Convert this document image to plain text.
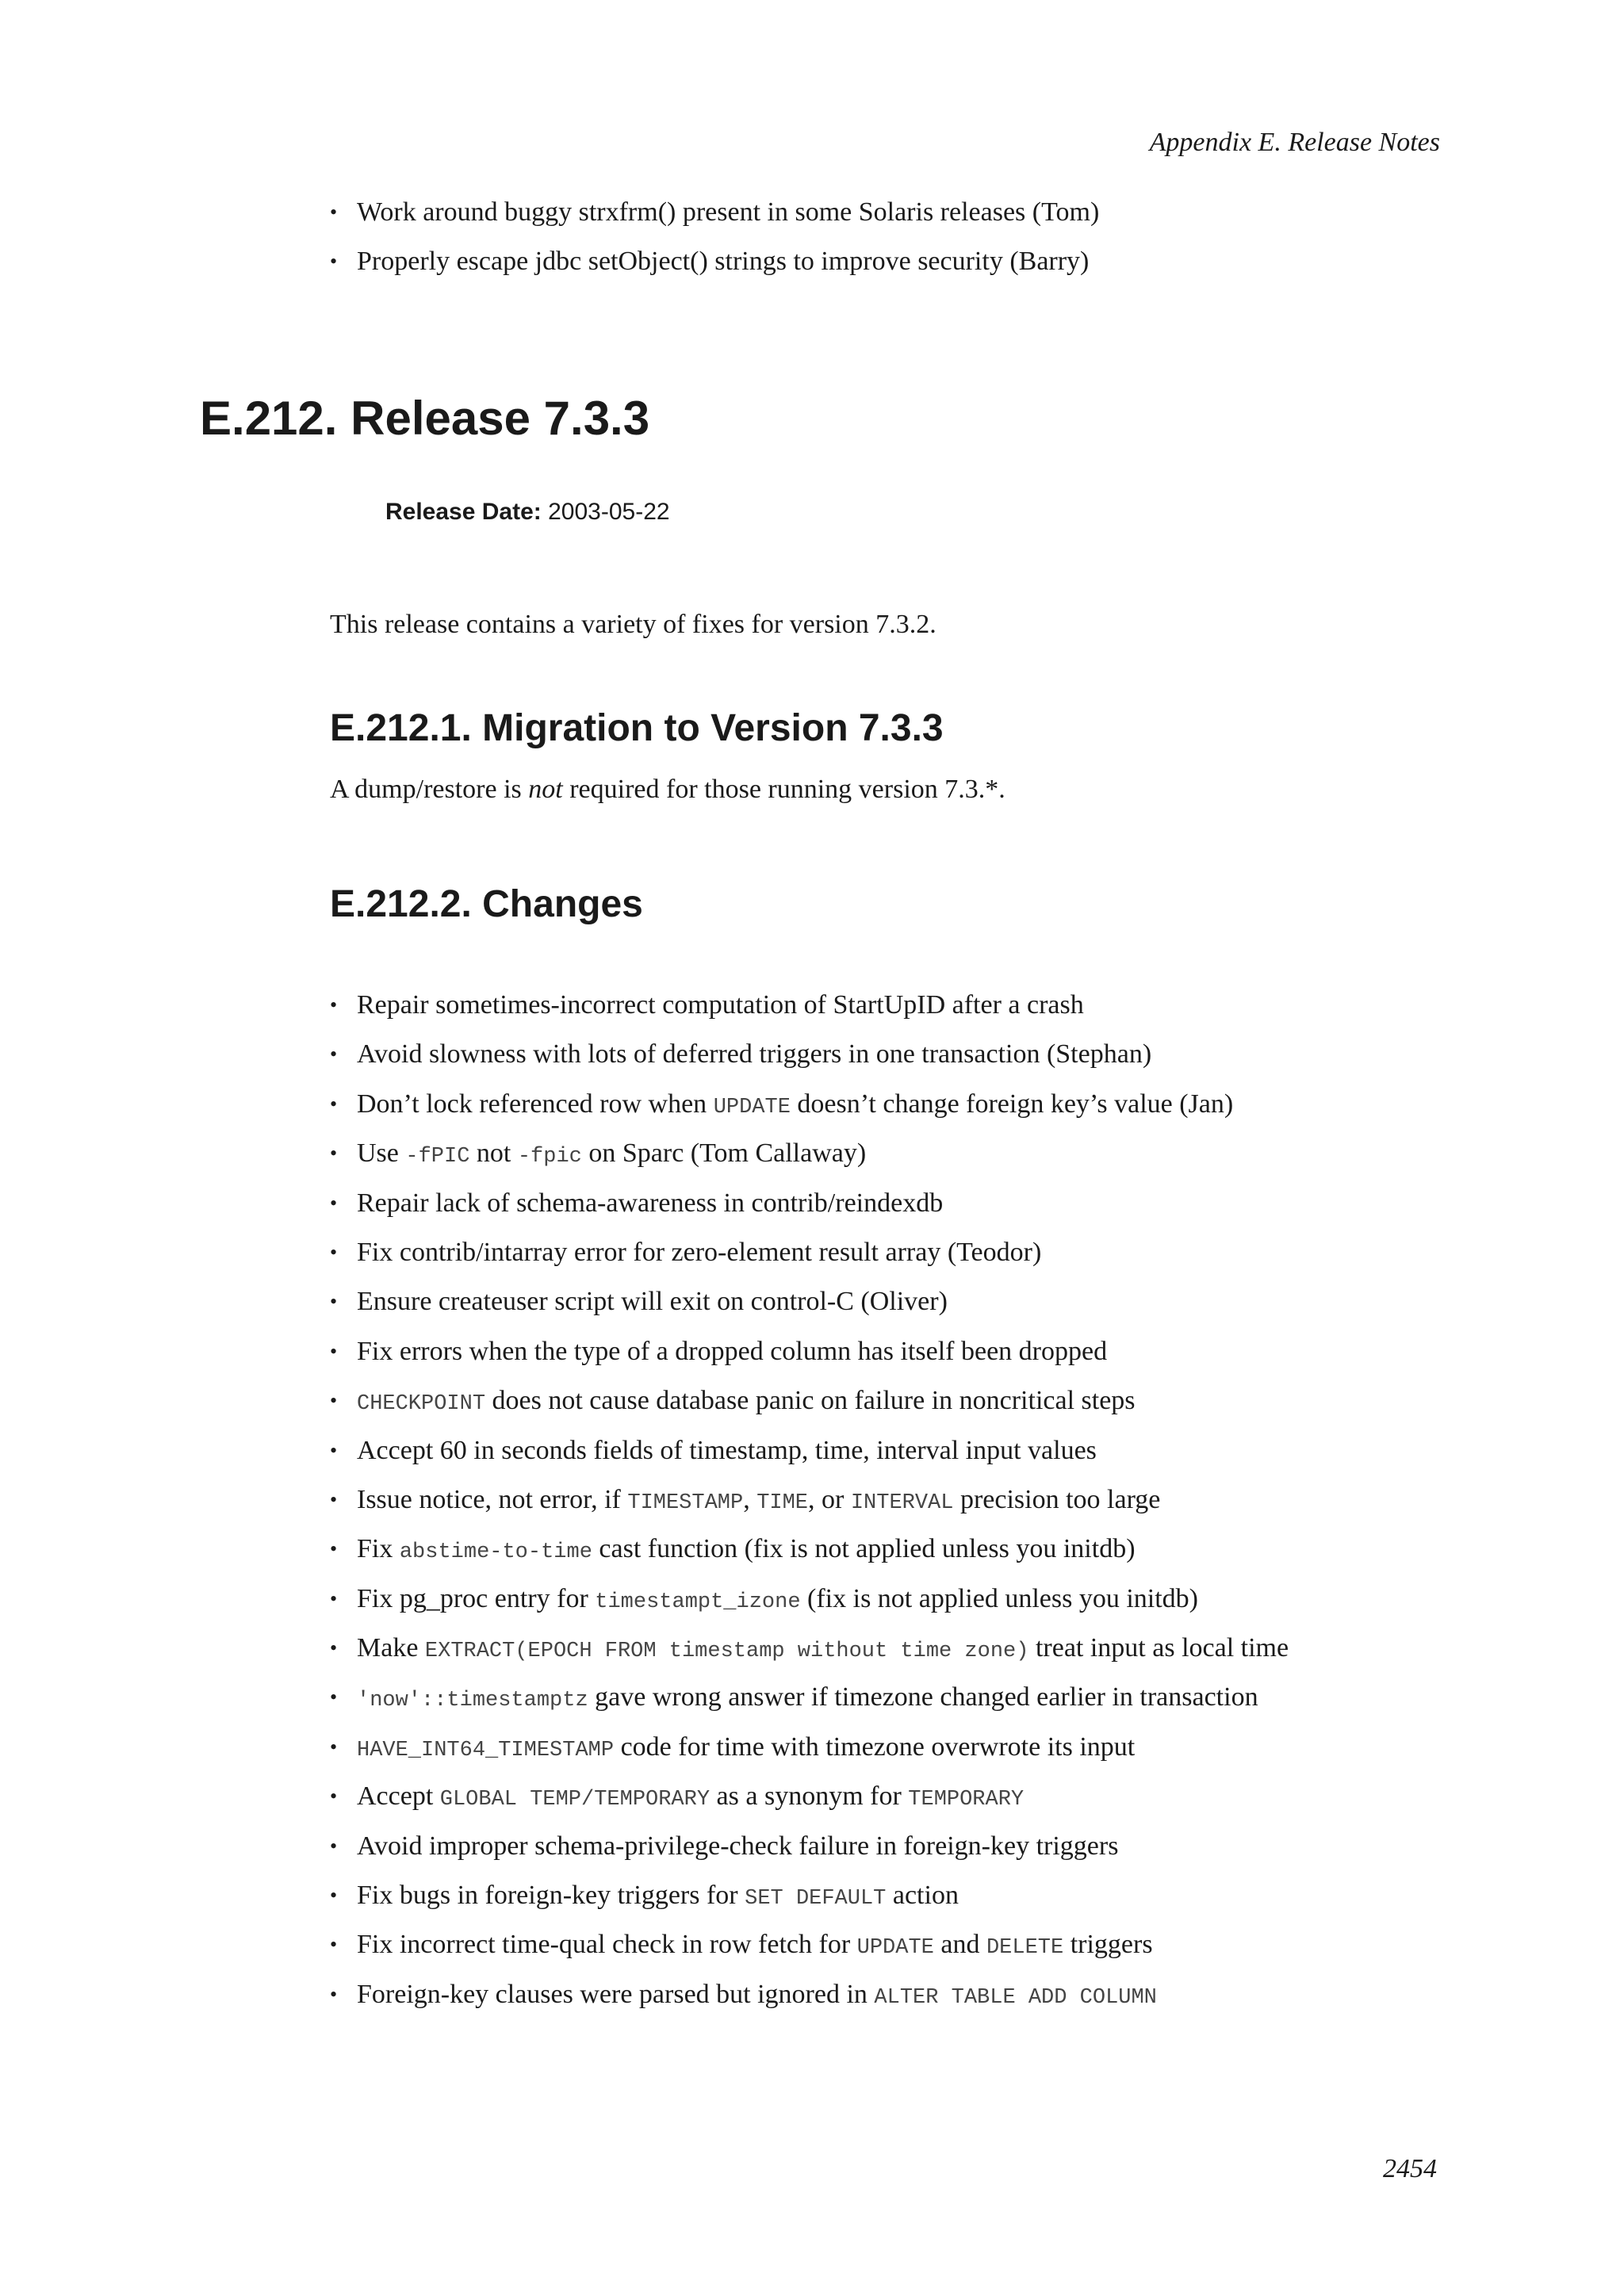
Appendix E. Release Notes
• Work around buggy strxfrm() present in some Solaris releases (Tom)
• Properly escape jdbc setObject() strings to improve security (Barry)
E.212. Release 7.3.3
Release Date: 2003-05-22
This release contains a variety of fixes for version 7.3.2.
E.212.1. Migration to Version 7.3.3
A dump/restore is not required for those running version 7.3.*.
E.212.2. Changes
• Repair sometimes-incorrect computation of StartUpID after a crash
• Avoid slowness with lots of deferred triggers in one transaction (Stephan)
• Don’t lock referenced row when UPDATE doesn’t change foreign key’s value (Jan)
• Use -fPIC not -fpic on Sparc (Tom Callaway)
• Repair lack of schema-awareness in contrib/reindexdb
• Fix contrib/intarray error for zero-element result array (Teodor)
• Ensure createuser script will exit on control-C (Oliver)
• Fix errors when the type of a dropped column has itself been dropped
• CHECKPOINT does not cause database panic on failure in noncritical steps
• Accept 60 in seconds fields of timestamp, time, interval input values
• Issue notice, not error, if TIMESTAMP, TIME, or INTERVAL precision too large
• Fix abstime-to-time cast function (fix is not applied unless you initdb)
• Fix pg_proc entry for timestampt_izone (fix is not applied unless you initdb)
• Make EXTRACT(EPOCH FROM timestamp without time zone) treat input as local time
• 'now'::timestamptz gave wrong answer if timezone changed earlier in transaction
• HAVE_INT64_TIMESTAMP code for time with timezone overwrote its input
• Accept GLOBAL TEMP/TEMPORARY as a synonym for TEMPORARY
• Avoid improper schema-privilege-check failure in foreign-key triggers
• Fix bugs in foreign-key triggers for SET DEFAULT action
• Fix incorrect time-qual check in row fetch for UPDATE and DELETE triggers
• Foreign-key clauses were parsed but ignored in ALTER TABLE ADD COLUMN
2454
